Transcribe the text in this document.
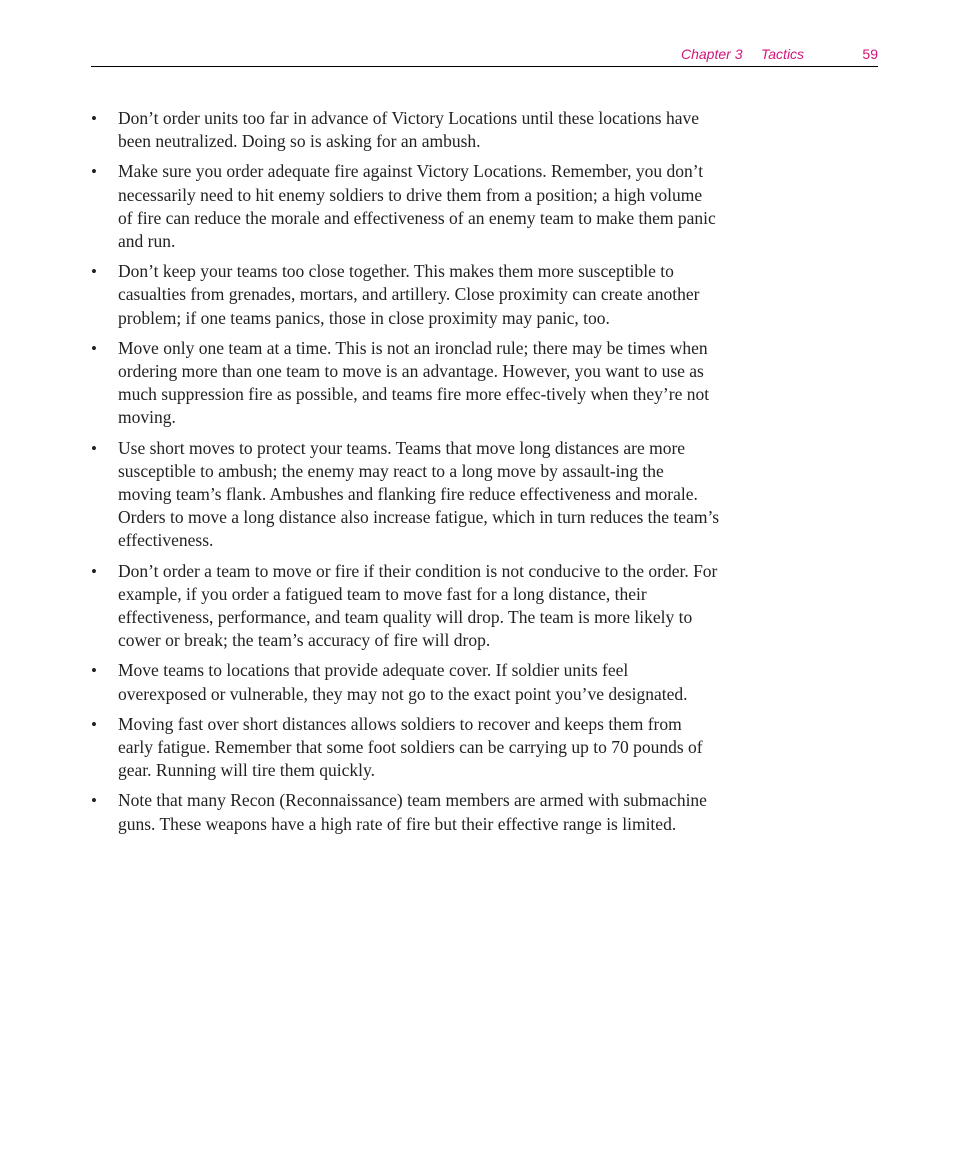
Chapter 3 Tactics	59
• Don’t order units too far in advance of Victory Locations until these locations have been neutralized. Doing so is asking for an ambush.
• Make sure you order adequate fire against Victory Locations. Remember, you don’t necessarily need to hit enemy soldiers to drive them from a position; a high volume of fire can reduce the morale and effectiveness of an enemy team to make them panic and run.
• Don’t keep your teams too close together. This makes them more susceptible to casualties from grenades, mortars, and artillery. Close proximity can create another problem; if one teams panics, those in close proximity may panic, too.
• Move only one team at a time. This is not an ironclad rule; there may be times when ordering more than one team to move is an advantage. However, you want to use as much suppression fire as possible, and teams fire more effec-tively when they’re not moving.
• Use short moves to protect your teams. Teams that move long distances are more susceptible to ambush; the enemy may react to a long move by assault-ing the moving team’s flank. Ambushes and flanking fire reduce effectiveness and morale. Orders to move a long distance also increase fatigue, which in turn reduces the team’s effectiveness.
• Don’t order a team to move or fire if their condition is not conducive to the order. For example, if you order a fatigued team to move fast for a long distance, their effectiveness, performance, and team quality will drop. The team is more likely to cower or break; the team’s accuracy of fire will drop.
• Move teams to locations that provide adequate cover. If soldier units feel overexposed or vulnerable, they may not go to the exact point you’ve designated.
• Moving fast over short distances allows soldiers to recover and keeps them from early fatigue. Remember that some foot soldiers can be carrying up to 70 pounds of gear. Running will tire them quickly.
• Note that many Recon (Reconnaissance) team members are armed with submachine guns. These weapons have a high rate of fire but their effective range is limited.
